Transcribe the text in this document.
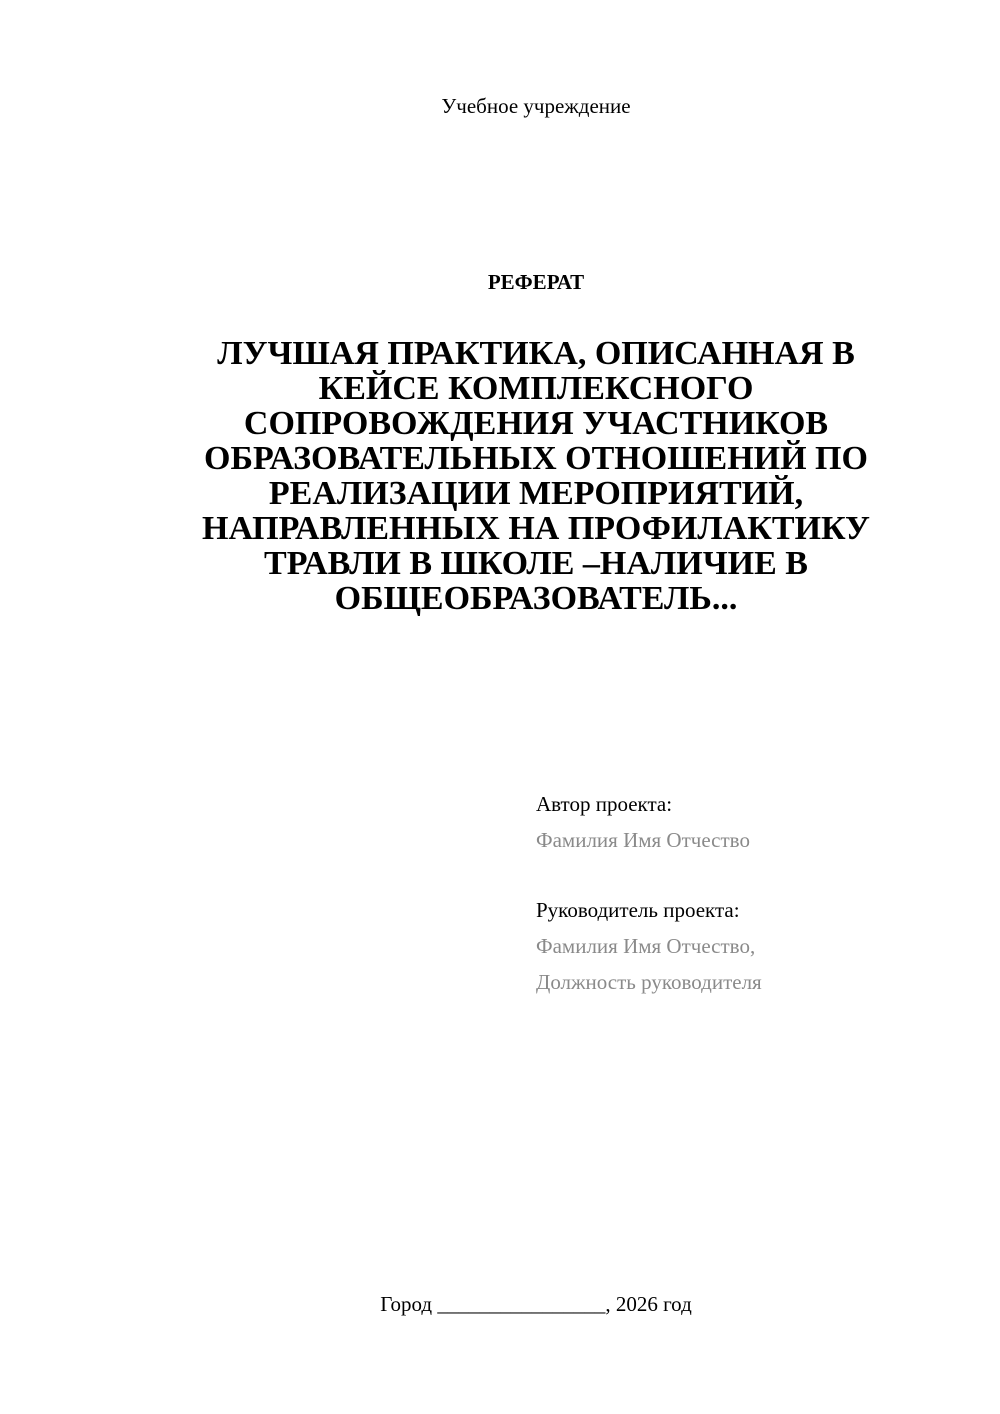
Учебное учреждение
РЕФЕРАТ
ЛУЧШАЯ ПРАКТИКА, ОПИСАННАЯ В
КЕЙСЕ КОМПЛЕКСНОГО
СОПРОВОЖДЕНИЯ УЧАСТНИКОВ
ОБРАЗОВАТЕЛЬНЫХ ОТНОШЕНИЙ ПО
РЕАЛИЗАЦИИ МЕРОПРИЯТИЙ,
НАПРАВЛЕННЫХ НА ПРОФИЛАКТИКУ
ТРАВЛИ В ШКОЛЕ –НАЛИЧИЕ В
ОБЩЕОБРАЗОВАТЕЛЬ...
Автор проекта:
Фамилия Имя Отчество
Руководитель проекта:
Фамилия Имя Отчество,
Должность руководителя
Город ________________, 2026 год
